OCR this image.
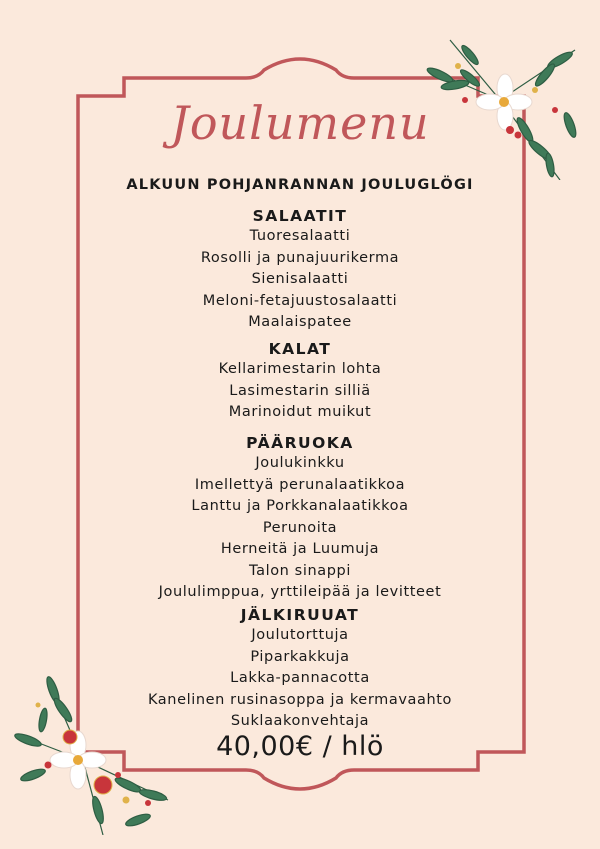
Joulumenu
ALKUUN POHJANRANNAN JOULUGLÖGI
SALAATIT
Tuoresalaatti
Rosolli ja punajuurikerma
Sienisalaatti
Meloni-fetajuustosalaatti
Maalaispatee
KALAT
Kellarimestarin lohta
Lasimestarin silliä
Marinoidut muikut
PÄÄRUOKA
Joulukinkku
Imellettyä perunalaatikkoa
Lanttu ja Porkkanalaatikkoa
Perunoita
Herneitä ja Luumuja
Talon sinappi
Joululimppua, yrttileipää ja levitteet
JÄLKIRUUAT
Joulutorttuja
Piparkakkuja
Lakka-pannacotta
Kanelinen rusinasoppa ja kermavaahto
Suklaakonvehtaja
40,00€ / hlö
